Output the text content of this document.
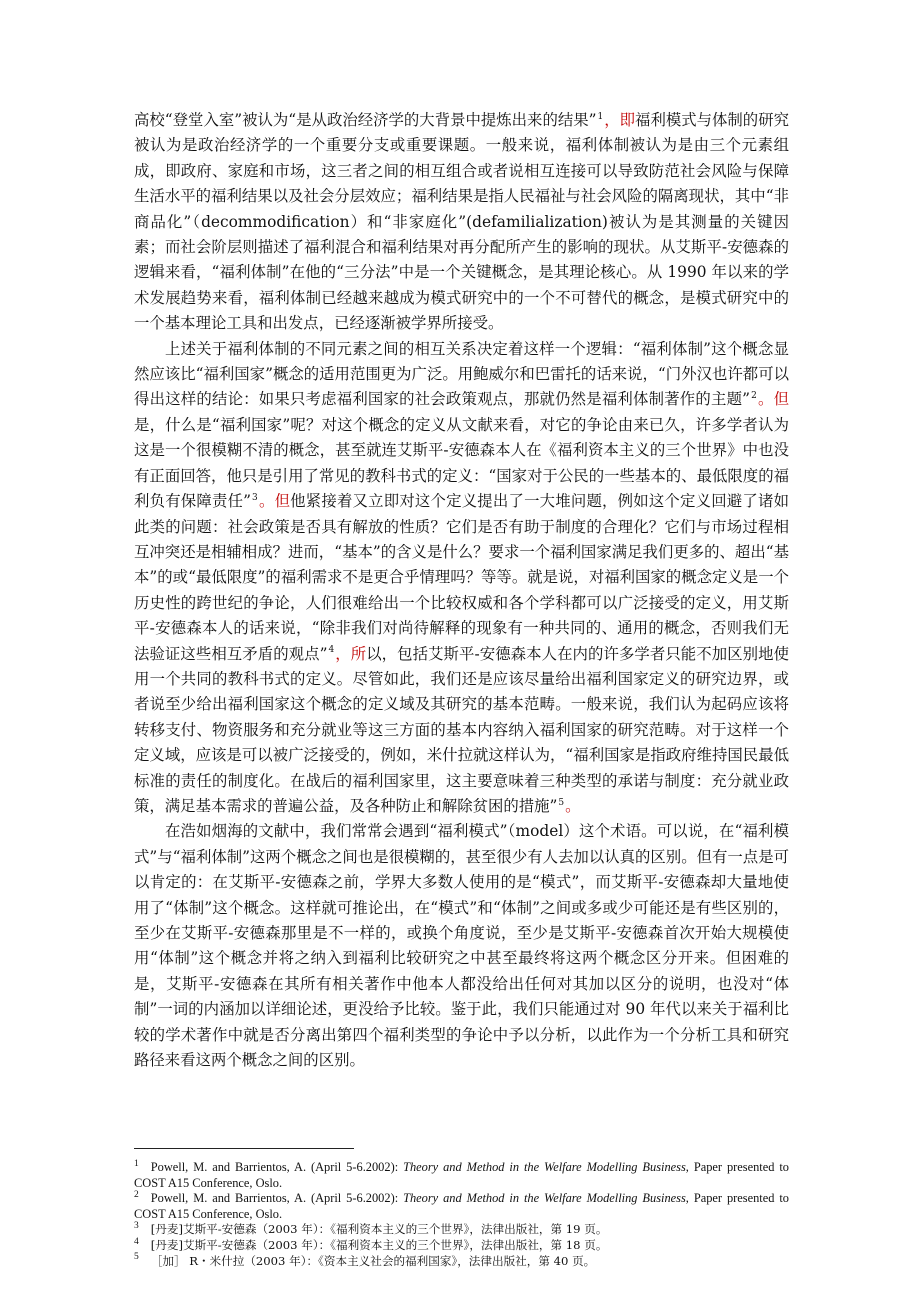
高校“登堂入室”被认为“是从政治经济学的大背景中提炼出来的结果”$^1$，即福利模式与体制的研究被认为是政治经济学的一个重要分支或重要课题。一般来说，福利体制被认为是由三个元素组成，即政府、家庭和市场，这三者之间的相互组合或者说相互连接可以导致防范社会风险与保障生活水平的福利结果以及社会分层效应；福利结果是指人民福祉与社会风险的隔离现状，其中“非商品化”（decommodification）和“非家庭化”(defamilialization)被认为是其测量的关键因素；而社会阶层则描述了福利混合和福利结果对再分配所产生的影响的现状。从艾斯平-安德森的逻辑来看，“福利体制”在他的“三分法”中是一个关键概念，是其理论核心。从 1990 年以来的学术发展趋势来看，福利体制已经越来越成为模式研究中的一个不可替代的概念，是模式研究中的一个基本理论工具和出发点，已经逐渐被学界所接受。

上述关于福利体制的不同元素之间的相互关系决定着这样一个逻辑：“福利体制”这个概念显然应该比“福利国家”概念的适用范围更为广泛。用鲍威尔和巴雷托的话来说，“门外汉也许都可以得出这样的结论：如果只考虑福利国家的社会政策观点，那就仍然是福利体制著作的主题”$^2$。但是，什么是“福利国家”呢？对这个概念的定义从文献来看，对它的争论由来已久，许多学者认为这是一个很模糊不清的概念，甚至就连艾斯平-安德森本人在《福利资本主义的三个世界》中也没有正面回答，他只是引用了常见的教科书式的定义：“国家对于公民的一些基本的、最低限度的福利负有保障责任”$^3$。但他紧接着又立即对这个定义提出了一大堆问题，例如这个定义回避了诸如此类的问题：社会政策是否具有解放的性质？它们是否有助于制度的合理化？它们与市场过程相互冲突还是相辅相成？进而，“基本”的含义是什么？要求一个福利国家满足我们更多的、超出“基本”的或“最低限度”的福利需求不是更合乎情理吗？等等。就是说，对福利国家的概念定义是一个历史性的跨世纪的争论，人们很难给出一个比较权威和各个学科都可以广泛接受的定义，用艾斯平-安德森本人的话来说，“除非我们对尚待解释的现象有一种共同的、通用的概念，否则我们无法验证这些相互矛盾的观点”$^4$，所以，包括艾斯平-安德森本人在内的许多学者只能不加区别地使用一个共同的教科书式的定义。尽管如此，我们还是应该尽量给出福利国家定义的研究边界，或者说至少给出福利国家这个概念的定义域及其研究的基本范畴。一般来说，我们认为起码应该将转移支付、物资服务和充分就业等这三方面的基本内容纳入福利国家的研究范畴。对于这样一个定义域，应该是可以被广泛接受的，例如，米什拉就这样认为，“福利国家是指政府维持国民最低标准的责任的制度化。在战后的福利国家里，这主要意味着三种类型的承诺与制度：充分就业政策，满足基本需求的普遍公益，及各种防止和解除贫困的措施”$^5$。

在浩如烟海的文献中，我们常常会遇到“福利模式”（model）这个术语。可以说，在“福利模式”与“福利体制”这两个概念之间也是很模糊的，甚至很少有人去加以认真的区别。但有一点是可以肯定的：在艾斯平-安德森之前，学界大多数人使用的是“模式”，而艾斯平-安德森却大量地使用了“体制”这个概念。这样就可推论出，在“模式”和“体制”之间或多或少可能还是有些区别的，至少在艾斯平-安德森那里是不一样的，或换个角度说，至少是艾斯平-安德森首次开始大规模使用“体制”这个概念并将之纳入到福利比较研究之中甚至最终将这两个概念区分开来。但困难的是，艾斯平-安德森在其所有相关著作中他本人都没给出任何对其加以区分的说明，也没对“体制”一词的内涵加以详细论述，更没给予比较。鉴于此，我们只能通过对 90 年代以来关于福利比较的学术著作中就是否分离出第四个福利类型的争论中予以分析，以此作为一个分析工具和研究路径来看这两个概念之间的区别。

$^1$ Powell, M. and Barrientos, A. (April 5-6.2002): Theory and Method in the Welfare Modelling Business, Paper presented to COST A15 Conference, Oslo.
$^2$ Powell, M. and Barrientos, A. (April 5-6.2002): Theory and Method in the Welfare Modelling Business, Paper presented to COST A15 Conference, Oslo.
$^3$ [丹麦]艾斯平-安德森（2003 年）：《福利资本主义的三个世界》，法律出版社，第 19 页。
$^4$ [丹麦]艾斯平-安德森（2003 年）：《福利资本主义的三个世界》，法律出版社，第 18 页。
$^5$ ［加］ R・米什拉（2003 年）：《资本主义社会的福利国家》，法律出版社，第 40 页。
